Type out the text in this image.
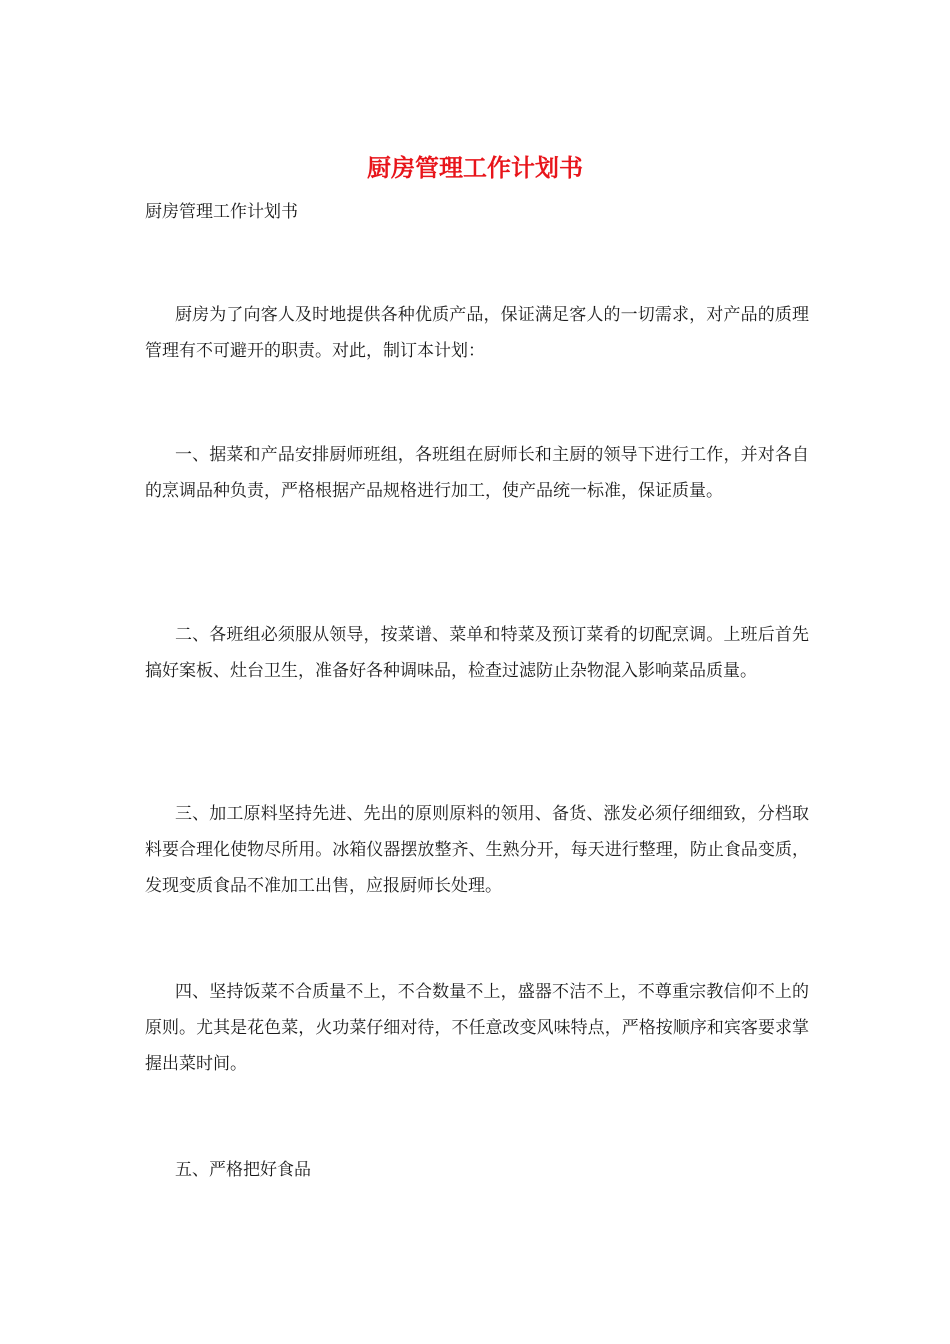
厨房管理工作计划书
厨房管理工作计划书
厨房为了向客人及时地提供各种优质产品，保证满足客人的一切需求，对产品的质理管理有不可避开的职责。对此，制订本计划：
一、据菜和产品安排厨师班组，各班组在厨师长和主厨的领导下进行工作，并对各自的烹调品种负责，严格根据产品规格进行加工，使产品统一标准，保证质量。
二、各班组必须服从领导，按菜谱、菜单和特菜及预订菜肴的切配烹调。上班后首先搞好案板、灶台卫生，准备好各种调味品，检查过滤防止杂物混入影响菜品质量。
三、加工原料坚持先进、先出的原则原料的领用、备货、涨发必须仔细细致，分档取料要合理化使物尽所用。冰箱仪器摆放整齐、生熟分开，每天进行整理，防止食品变质，发现变质食品不准加工出售，应报厨师长处理。
四、坚持饭菜不合质量不上，不合数量不上，盛器不洁不上，不尊重宗教信仰不上的原则。尤其是花色菜，火功菜仔细对待，不任意改变风味特点，严格按顺序和宾客要求掌握出菜时间。
五、严格把好食品
